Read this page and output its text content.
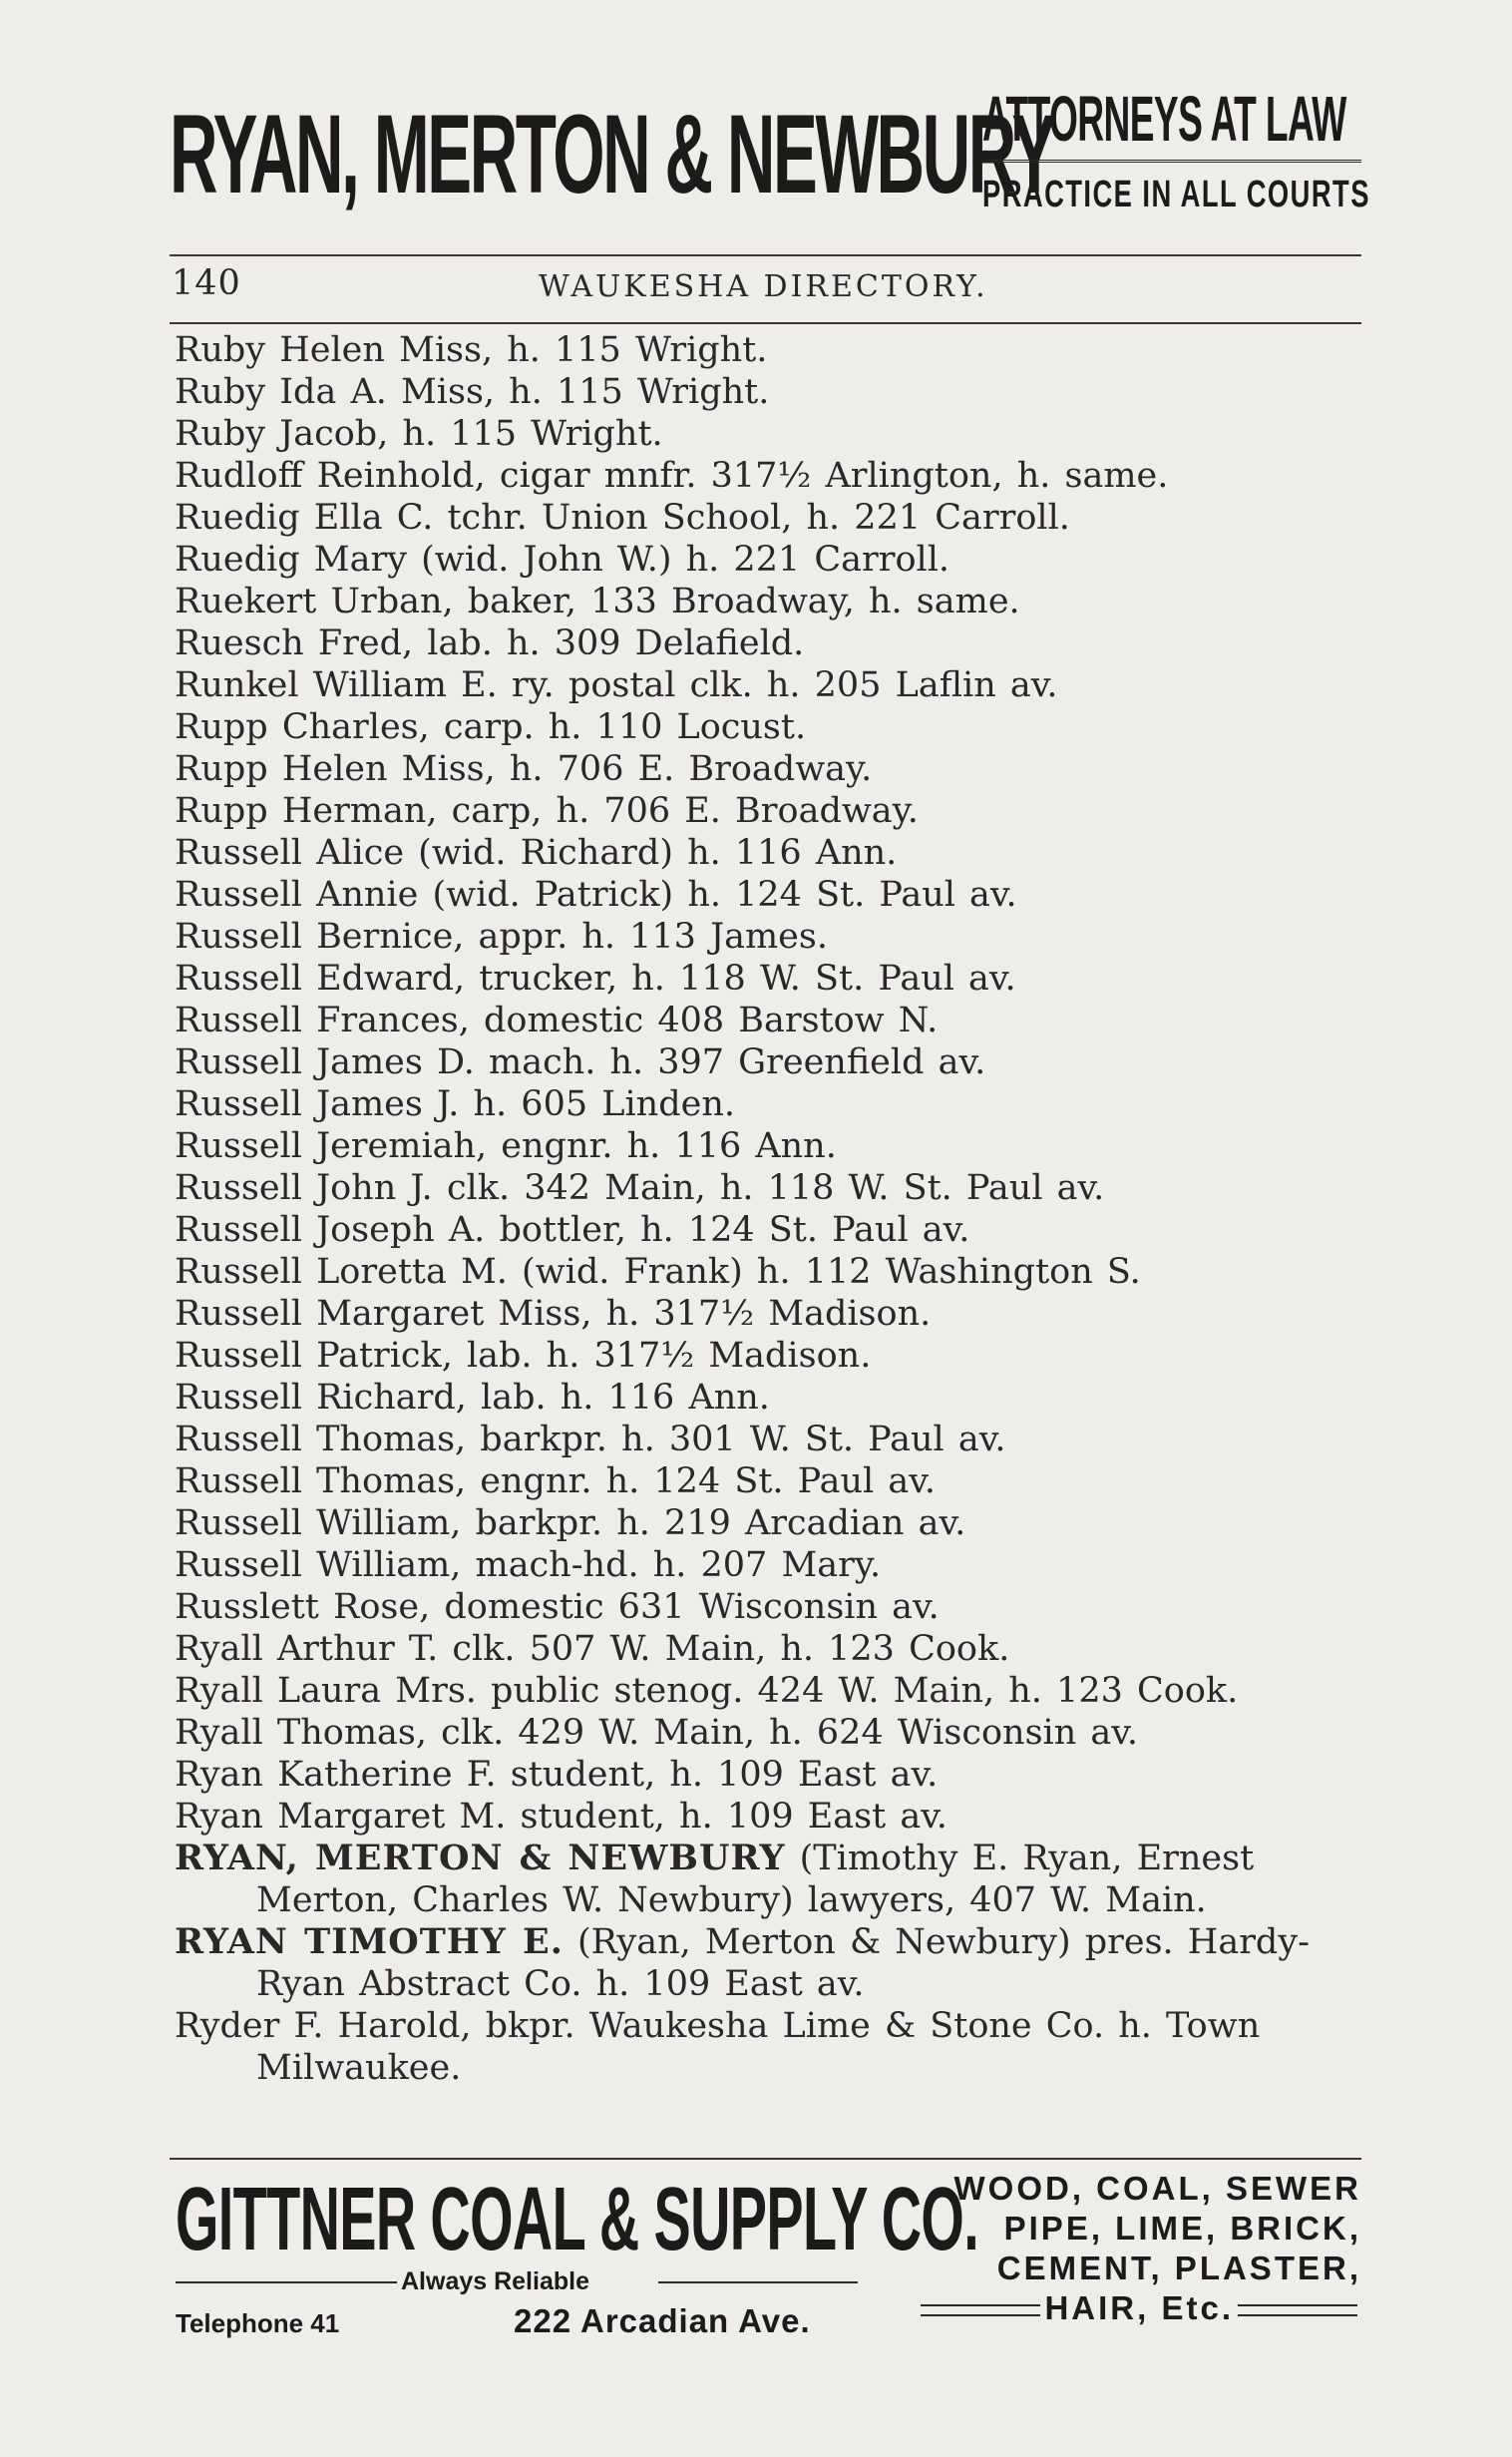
RYAN, MERTON & NEWBURY
ATTORNEYS AT LAW
PRACTICE IN ALL COURTS
140	WAUKESHA DIRECTORY.
Ruby Helen Miss, h. 115 Wright.
Ruby Ida A. Miss, h. 115 Wright.
Ruby Jacob, h. 115 Wright.
Rudloff Reinhold, cigar mnfr. 317½ Arlington, h. same.
Ruedig Ella C. tchr. Union School, h. 221 Carroll.
Ruedig Mary (wid. John W.) h. 221 Carroll.
Ruekert Urban, baker, 133 Broadway, h. same.
Ruesch Fred, lab. h. 309 Delafield.
Runkel William E. ry. postal clk. h. 205 Laflin av.
Rupp Charles, carp. h. 110 Locust.
Rupp Helen Miss, h. 706 E. Broadway.
Rupp Herman, carp, h. 706 E. Broadway.
Russell Alice (wid. Richard) h. 116 Ann.
Russell Annie (wid. Patrick) h. 124 St. Paul av.
Russell Bernice, appr. h. 113 James.
Russell Edward, trucker, h. 118 W. St. Paul av.
Russell Frances, domestic 408 Barstow N.
Russell James D. mach. h. 397 Greenfield av.
Russell James J. h. 605 Linden.
Russell Jeremiah, engnr. h. 116 Ann.
Russell John J. clk. 342 Main, h. 118 W. St. Paul av.
Russell Joseph A. bottler, h. 124 St. Paul av.
Russell Loretta M. (wid. Frank) h. 112 Washington S.
Russell Margaret Miss, h. 317½ Madison.
Russell Patrick, lab. h. 317½ Madison.
Russell Richard, lab. h. 116 Ann.
Russell Thomas, barkpr. h. 301 W. St. Paul av.
Russell Thomas, engnr. h. 124 St. Paul av.
Russell William, barkpr. h. 219 Arcadian av.
Russell William, mach-hd. h. 207 Mary.
Russlett Rose, domestic 631 Wisconsin av.
Ryall Arthur T. clk. 507 W. Main, h. 123 Cook.
Ryall Laura Mrs. public stenog. 424 W. Main, h. 123 Cook.
Ryall Thomas, clk. 429 W. Main, h. 624 Wisconsin av.
Ryan Katherine F. student, h. 109 East av.
Ryan Margaret M. student, h. 109 East av.
RYAN, MERTON & NEWBURY (Timothy E. Ryan, Ernest Merton, Charles W. Newbury) lawyers, 407 W. Main.
RYAN TIMOTHY E. (Ryan, Merton & Newbury) pres. Hardy-Ryan Abstract Co. h. 109 East av.
Ryder F. Harold, bkpr. Waukesha Lime & Stone Co. h. Town Milwaukee.
GITTNER COAL & SUPPLY CO.
Always Reliable
Telephone 41	222 Arcadian Ave.
WOOD, COAL, SEWER
PIPE, LIME, BRICK,
CEMENT, PLASTER,
HAIR, Etc.
